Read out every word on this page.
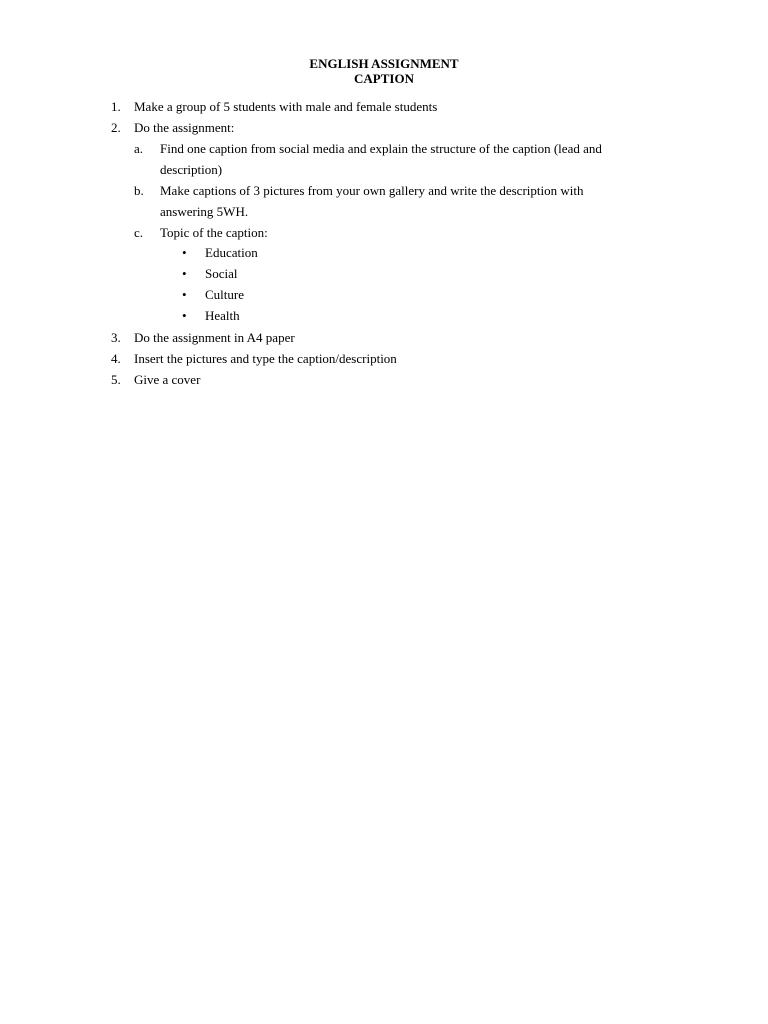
ENGLISH ASSIGNMENT
CAPTION
1. Make a group of 5 students with male and female students
2. Do the assignment:
a. Find one caption from social media and explain the structure of the caption (lead and
description)
b. Make captions of 3 pictures from your own gallery and write the description with
answering 5WH.
c. Topic of the caption:
• Education
• Social
• Culture
• Health
3. Do the assignment in A4 paper
4. Insert the pictures and type the caption/description
5. Give a cover
